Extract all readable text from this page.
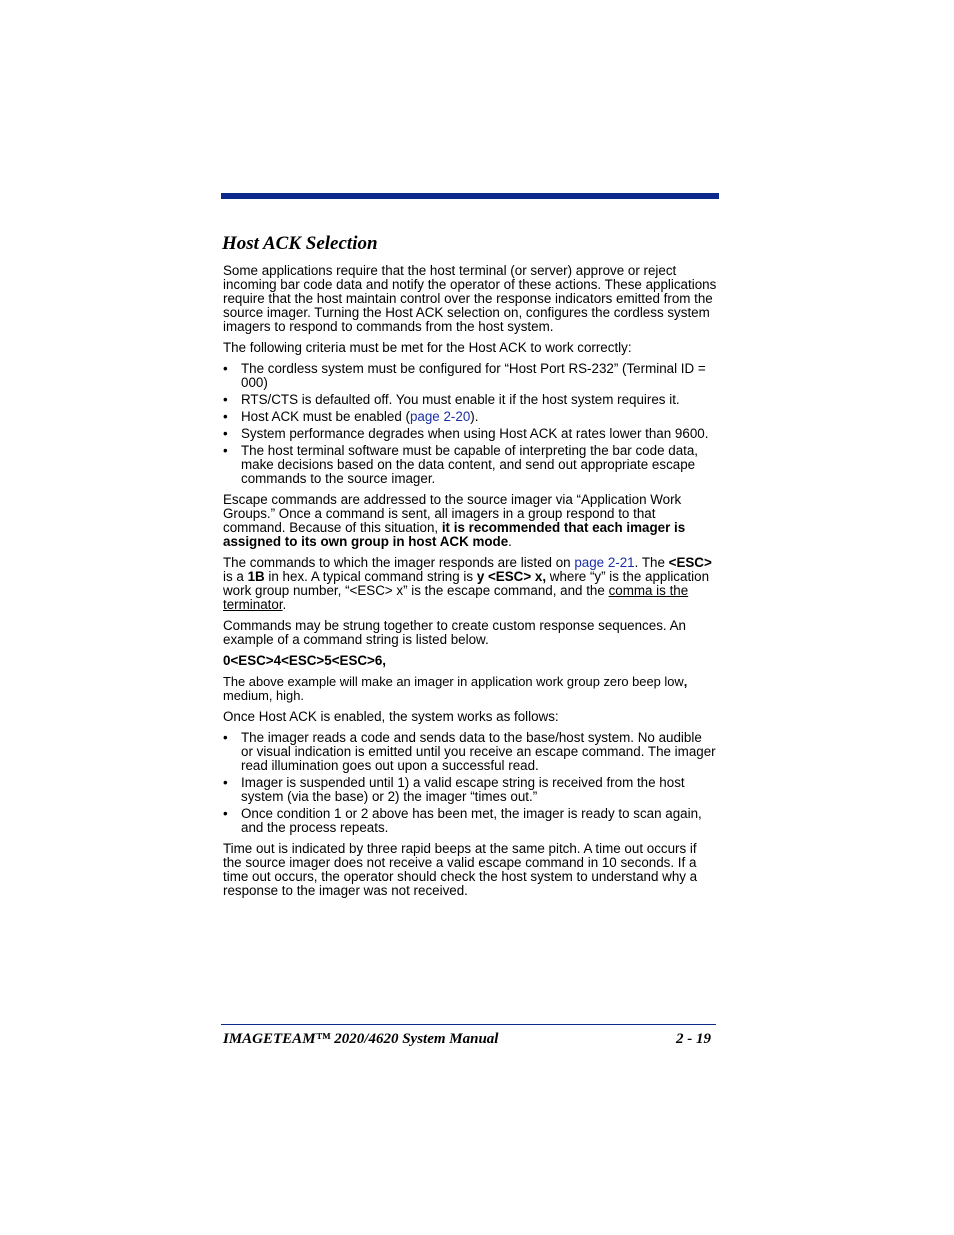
Host ACK Selection

Some applications require that the host terminal (or server) approve or reject incoming bar code data and notify the operator of these actions. These applications require that the host maintain control over the response indicators emitted from the source imager. Turning the Host ACK selection on, configures the cordless system imagers to respond to commands from the host system.

The following criteria must be met for the Host ACK to work correctly:

• The cordless system must be configured for “Host Port RS-232” (Terminal ID = 000)
• RTS/CTS is defaulted off. You must enable it if the host system requires it.
• Host ACK must be enabled (page 2-20).
• System performance degrades when using Host ACK at rates lower than 9600.
• The host terminal software must be capable of interpreting the bar code data, make decisions based on the data content, and send out appropriate escape commands to the source imager.

Escape commands are addressed to the source imager via “Application Work Groups.” Once a command is sent, all imagers in a group respond to that command. Because of this situation, it is recommended that each imager is assigned to its own group in host ACK mode.

The commands to which the imager responds are listed on page 2-21. The <ESC> is a 1B in hex. A typical command string is y <ESC> x, where “y” is the application work group number, “<ESC> x” is the escape command, and the comma is the terminator.

Commands may be strung together to create custom response sequences. An example of a command string is listed below.

0<ESC>4<ESC>5<ESC>6,

The above example will make an imager in application work group zero beep low, medium, high.

Once Host ACK is enabled, the system works as follows:

• The imager reads a code and sends data to the base/host system. No audible or visual indication is emitted until you receive an escape command. The imager read illumination goes out upon a successful read.
• Imager is suspended until 1) a valid escape string is received from the host system (via the base) or 2) the imager “times out.”
• Once condition 1 or 2 above has been met, the imager is ready to scan again, and the process repeats.

Time out is indicated by three rapid beeps at the same pitch. A time out occurs if the source imager does not receive a valid escape command in 10 seconds. If a time out occurs, the operator should check the host system to understand why a response to the imager was not received.

IMAGETEAM™ 2020/4620 System Manual	2 - 19
